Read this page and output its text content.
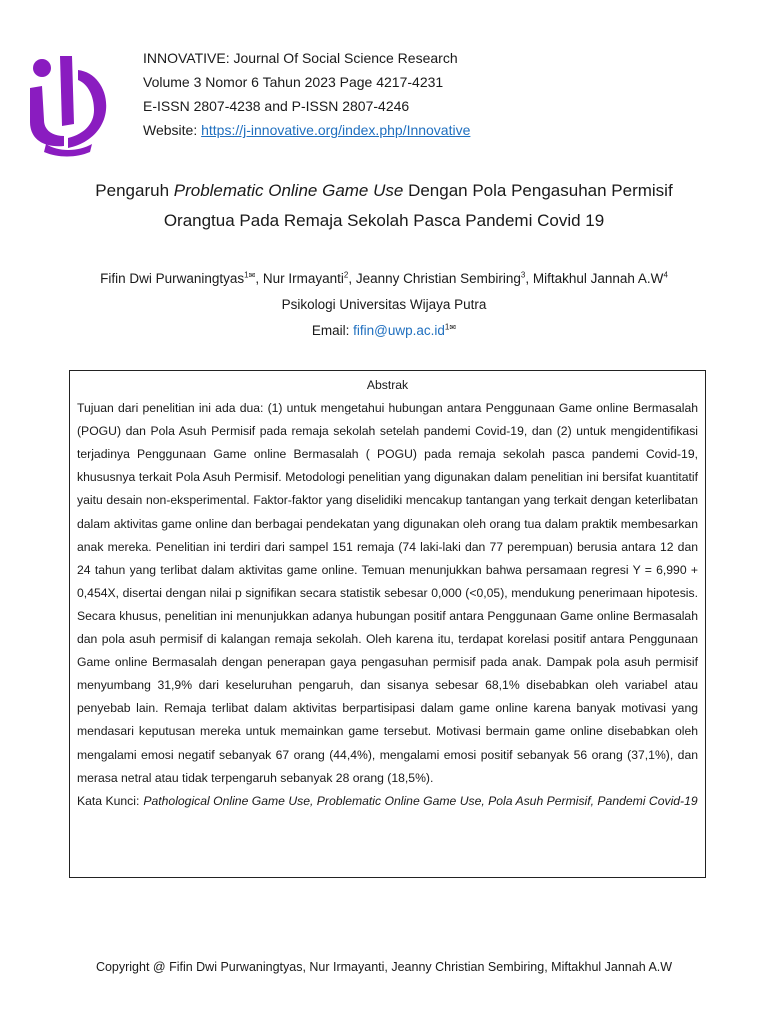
INNOVATIVE: Journal Of Social Science Research
Volume 3 Nomor 6 Tahun 2023 Page 4217-4231
E-ISSN 2807-4238 and P-ISSN 2807-4246
Website: https://j-innovative.org/index.php/Innovative
Pengaruh Problematic Online Game Use Dengan Pola Pengasuhan Permisif
Orangtua Pada Remaja Sekolah Pasca Pandemi Covid 19
Fifin Dwi Purwaningtyas$^1$✉, Nur Irmayanti$^2$, Jeanny Christian Sembiring$^3$, Miftakhul Jannah $A.W^4$
Psikologi Universitas Wijaya Putra
Email: $fifin@uwp.ac.id^1✉$
Abstrak
Tujuan dari penelitian ini ada dua: (1) untuk mengetahui hubungan antara Penggunaan Game online Bermasalah (POGU) dan Pola Asuh Permisif pada remaja sekolah setelah pandemi Covid-19, dan (2) untuk mengidentifikasi terjadinya Penggunaan Game online Bermasalah ( POGU) pada remaja sekolah pasca pandemi Covid-19, khususnya terkait Pola Asuh Permisif. Metodologi penelitian yang digunakan dalam penelitian ini bersifat kuantitatif yaitu desain non-eksperimental. Faktor-faktor yang diselidiki mencakup tantangan yang terkait dengan keterlibatan dalam aktivitas game online dan berbagai pendekatan yang digunakan oleh orang tua dalam praktik membesarkan anak mereka. Penelitian ini terdiri dari sampel 151 remaja (74 laki-laki dan 77 perempuan) berusia antara 12 dan 24 tahun yang terlibat dalam aktivitas game online. Temuan menunjukkan bahwa persamaan regresi Y = 6,990 + 0,454X, disertai dengan nilai p signifikan secara statistik sebesar 0,000 (<0,05), mendukung penerimaan hipotesis. Secara khusus, penelitian ini menunjukkan adanya hubungan positif antara Penggunaan Game online Bermasalah dan pola asuh permisif di kalangan remaja sekolah. Oleh karena itu, terdapat korelasi positif antara Penggunaan Game online Bermasalah dengan penerapan gaya pengasuhan permisif pada anak. Dampak pola asuh permisif menyumbang 31,9% dari keseluruhan pengaruh, dan sisanya sebesar 68,1% disebabkan oleh variabel atau penyebab lain. Remaja terlibat dalam aktivitas berpartisipasi dalam game online karena banyak motivasi yang mendasari keputusan mereka untuk memainkan game tersebut. Motivasi bermain game online disebabkan oleh mengalami emosi negatif sebanyak 67 orang (44,4%), mengalami emosi positif sebanyak 56 orang (37,1%), dan merasa netral atau tidak terpengaruh sebanyak 28 orang (18,5%).
Kata Kunci: Pathological Online Game Use, Problematic Online Game Use, Pola Asuh Permisif, Pandemi Covid-19
Copyright @ Fifin Dwi Purwaningtyas, Nur Irmayanti, Jeanny Christian Sembiring, Miftakhul Jannah A.W
